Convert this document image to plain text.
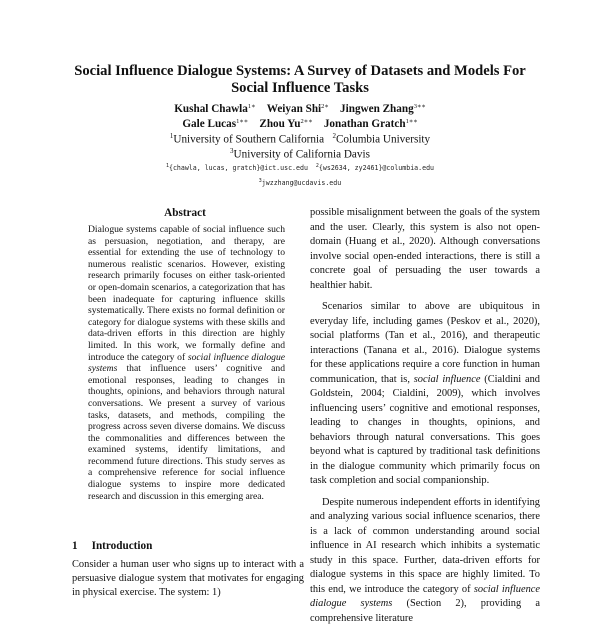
Social Influence Dialogue Systems: A Survey of Datasets and Models For
Social Influence Tasks
Kushal Chawla$^{1∗}$ Weiyan Shi$^{2∗}$ Jingwen Zhang$^{3∗∗}$
Gale Lucas$^{1∗∗}$ Zhou $Yu^{2∗∗}$ Jonathan Gratch$^{1∗∗}$
$^1$University of Southern California $^2$Columbia University
$^3$University of California Davis
$^1${chawla, lucas, gratch}@ict.usc.edu $^2${ws2634, zy2461}@columbia.edu
$^3$jwzzhang@ucdavis.edu
Abstract
Dialogue systems capable of social influence such as persuasion, negotiation, and therapy, are essential for extending the use of technology to numerous realistic scenarios. However, existing research primarily focuses on either task-oriented or open-domain scenarios, a categorization that has been inadequate for capturing influence skills systematically. There exists no formal definition or category for dialogue systems with these skills and data-driven efforts in this direction are highly limited. In this work, we formally define and introduce the category of social influence dialogue systems that influence users’ cognitive and emotional responses, leading to changes in thoughts, opinions, and behaviors through natural conversations. We present a survey of various tasks, datasets, and methods, compiling the progress across seven diverse domains. We discuss the commonalities and differences between the examined systems, identify limitations, and recommend future directions. This study serves as a comprehensive reference for social influence dialogue systems to inspire more dedicated research and discussion in this emerging area.
1 Introduction
Consider a human user who signs up to interact with a persuasive dialogue system that motivates for engaging in physical exercise. The system: 1)

possible misalignment between the goals of the system and the user. Clearly, this system is also not open-domain (Huang et al., 2020). Although conversations involve social open-ended interactions, there is still a concrete goal of persuading the user towards a healthier habit.

Scenarios similar to above are ubiquitous in everyday life, including games (Peskov et al., 2020), social platforms (Tan et al., 2016), and therapeutic interactions (Tanana et al., 2016). Dialogue systems for these applications require a core function in human communication, that is, social influence (Cialdini and Goldstein, 2004; Cialdini, 2009), which involves influencing users’ cognitive and emotional responses, leading to changes in thoughts, opinions, and behaviors through natural conversations. This goes beyond what is captured by traditional task definitions in the dialogue community which primarily focus on task completion and social companionship.

Despite numerous independent efforts in identifying and analyzing various social influence scenarios, there is a lack of common understanding around social influence in AI research which inhibits a systematic study in this space. Further, data-driven efforts for dialogue systems in this space are highly limited. To this end, we introduce the category of social influence dialogue systems (Section 2), providing a comprehensive literature
